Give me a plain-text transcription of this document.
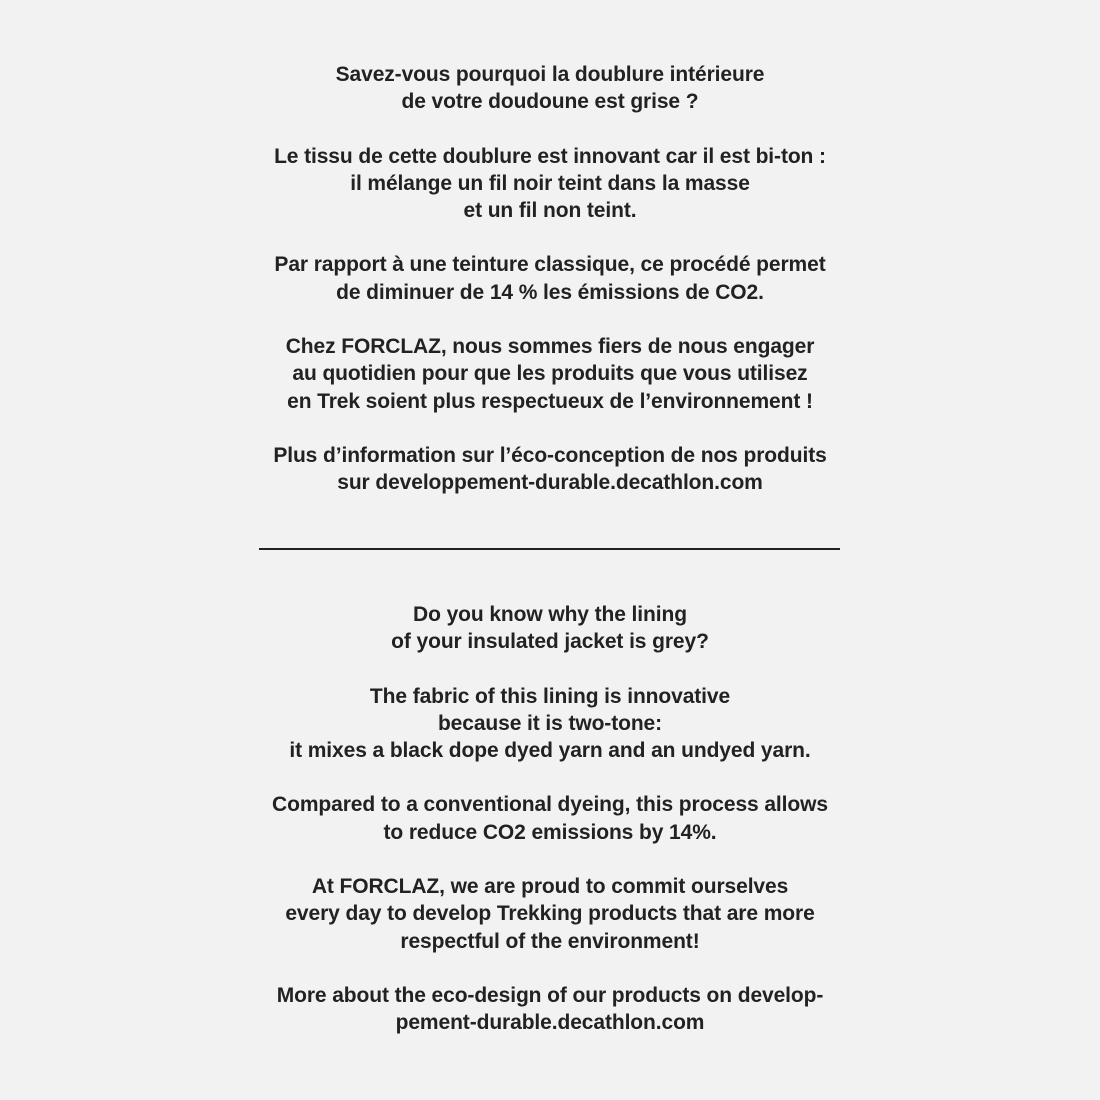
Savez-vous pourquoi la doublure intérieure
de votre doudoune est grise ?

Le tissu de cette doublure est innovant car il est bi-ton :
il mélange un fil noir teint dans la masse
et un fil non teint.

Par rapport à une teinture classique, ce procédé permet
de diminuer de 14 % les émissions de CO2.

Chez FORCLAZ, nous sommes fiers de nous engager
au quotidien pour que les produits que vous utilisez
en Trek soient plus respectueux de l’environnement !

Plus d’information sur l’éco-conception de nos produits
sur developpement-durable.decathlon.com

Do you know why the lining
of your insulated jacket is grey?

The fabric of this lining is innovative
because it is two-tone:
it mixes a black dope dyed yarn and an undyed yarn.

Compared to a conventional dyeing, this process allows
to reduce CO2 emissions by 14%.

At FORCLAZ, we are proud to commit ourselves
every day to develop Trekking products that are more
respectful of the environment!

More about the eco-design of our products on develop-
pement-durable.decathlon.com
